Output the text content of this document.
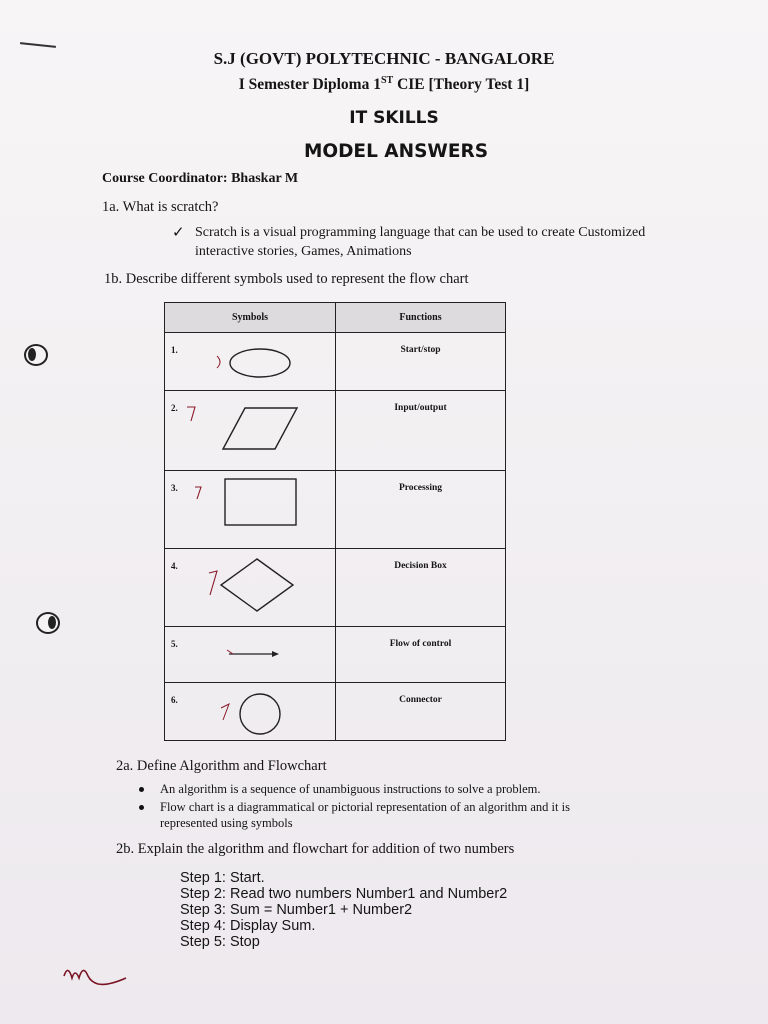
S.J (GOVT) POLYTECHNIC - BANGALORE
I Semester Diploma 1ST CIE [Theory Test 1]
IT SKILLS
MODEL ANSWERS
Course Coordinator: Bhaskar M
1a. What is scratch?
✓ Scratch is a visual programming language that can be used to create Customized
interactive stories, Games, Animations
1b. Describe different symbols used to represent the flow chart
Symbols	Functions

1.	Start/stop

2.	Input/output

3.	Processing

4.	Decision Box

5.	Flow of control

6.	Connector
2a. Define Algorithm and Flowchart
An algorithm is a sequence of unambiguous instructions to solve a problem.
Flow chart is a diagrammatical or pictorial representation of an algorithm and it is represented using symbols
2b. Explain the algorithm and flowchart for addition of two numbers
Step 1: Start.
Step 2: Read two numbers Number1 and Number2
Step 3: Sum = Number1 + Number2
Step 4: Display Sum.
Step 5: Stop
